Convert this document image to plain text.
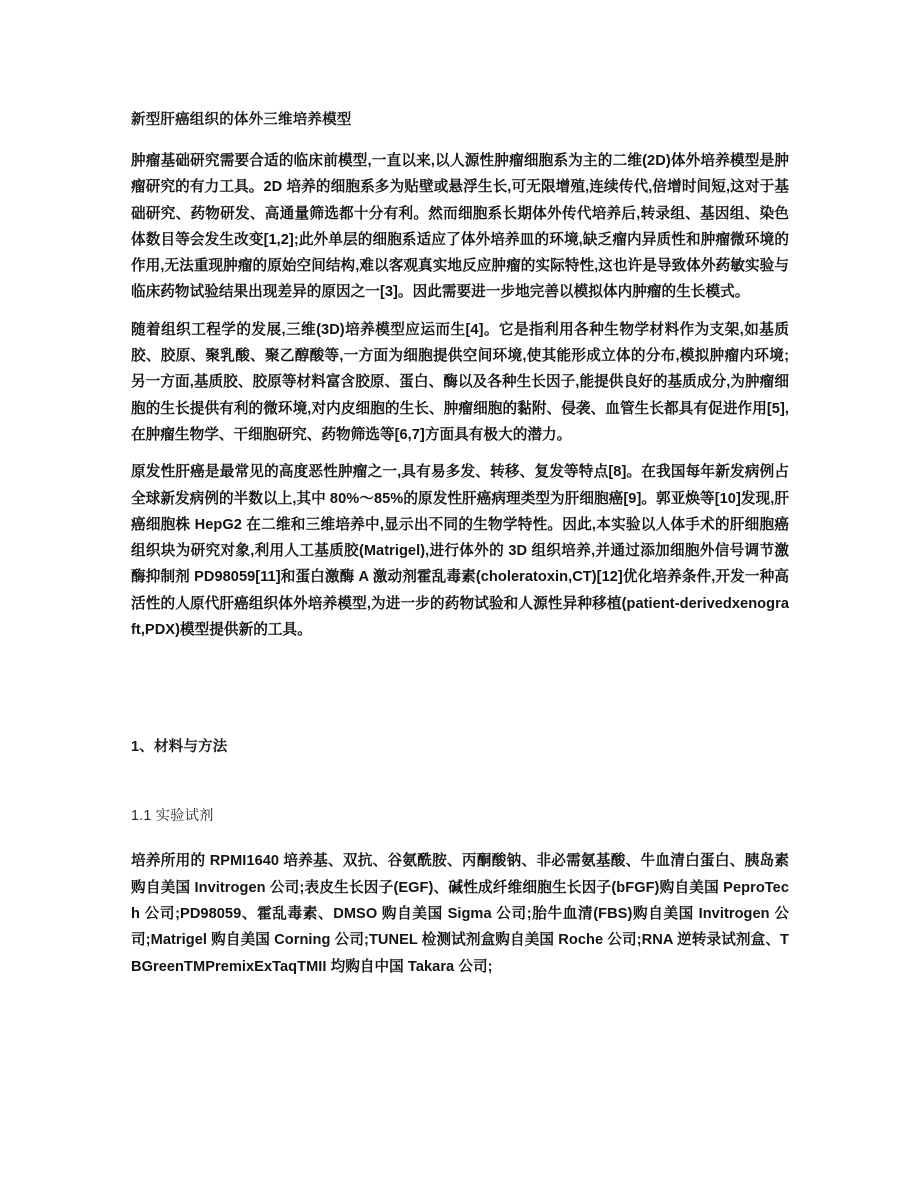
新型肝癌组织的体外三维培养模型

肿瘤基础研究需要合适的临床前模型,一直以来,以人源性肿瘤细胞系为主的二维(2D)体外培养模型是肿瘤研究的有力工具。2D 培养的细胞系多为贴壁或悬浮生长,可无限增殖,连续传代,倍增时间短,这对于基础研究、药物研发、高通量筛选都十分有利。然而细胞系长期体外传代培养后,转录组、基因组、染色体数目等会发生改变[1,2];此外单层的细胞系适应了体外培养皿的环境,缺乏瘤内异质性和肿瘤微环境的作用,无法重现肿瘤的原始空间结构,难以客观真实地反应肿瘤的实际特性,这也许是导致体外药敏实验与临床药物试验结果出现差异的原因之一[3]。因此需要进一步地完善以模拟体内肿瘤的生长模式。

随着组织工程学的发展,三维(3D)培养模型应运而生[4]。它是指利用各种生物学材料作为支架,如基质胶、胶原、聚乳酸、聚乙醇酸等,一方面为细胞提供空间环境,使其能形成立体的分布,模拟肿瘤内环境;另一方面,基质胶、胶原等材料富含胶原、蛋白、酶以及各种生长因子,能提供良好的基质成分,为肿瘤细胞的生长提供有利的微环境,对内皮细胞的生长、肿瘤细胞的黏附、侵袭、血管生长都具有促进作用[5],在肿瘤生物学、干细胞研究、药物筛选等[6,7]方面具有极大的潜力。

原发性肝癌是最常见的高度恶性肿瘤之一,具有易多发、转移、复发等特点[8]。在我国每年新发病例占全球新发病例的半数以上,其中 80%～85%的原发性肝癌病理类型为肝细胞癌[9]。郭亚焕等[10]发现,肝癌细胞株 HepG2 在二维和三维培养中,显示出不同的生物学特性。因此,本实验以人体手术的肝细胞癌组织块为研究对象,利用人工基质胶(Matrigel),进行体外的 3D 组织培养,并通过添加细胞外信号调节激酶抑制剂 PD98059[11]和蛋白激酶 A 激动剂霍乱毒素(choleratoxin,CT)[12]优化培养条件,开发一种高活性的人原代肝癌组织体外培养模型,为进一步的药物试验和人源性异种移植(patient-derivedxenograft,PDX)模型提供新的工具。

1、材料与方法
1.1 实验试剂

培养所用的 RPMI1640 培养基、双抗、谷氨酰胺、丙酮酸钠、非必需氨基酸、牛血清白蛋白、胰岛素购自美国 Invitrogen 公司;表皮生长因子(EGF)、碱性成纤维细胞生长因子(bFGF)购自美国 PeproTech 公司;PD98059、霍乱毒素、DMSO 购自美国 Sigma 公司;胎牛血清(FBS)购自美国 Invitrogen 公司;Matrigel 购自美国 Corning 公司;TUNEL 检测试剂盒购自美国 Roche 公司;RNA 逆转录试剂盒、TBGreenTMPremixExTaqTMII 均购自中国 Takara 公司;
